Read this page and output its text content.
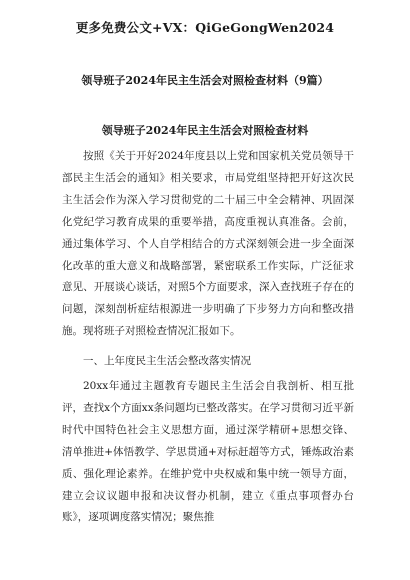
更多免费公文+VX：QiGeGongWen2024
领导班子2024年民主生活会对照检查材料（9篇）
领导班子2024年民主生活会对照检查材料

按照《关于开好2024年度县以上党和国家机关党员领导干部民主生活会的通知》相关要求，市局党组坚持把开好这次民主生活会作为深入学习贯彻党的二十届三中全会精神、巩固深化党纪学习教育成果的重要举措，高度重视认真准备。会前，通过集体学习、个人自学相结合的方式深刻领会进一步全面深化改革的重大意义和战略部署，紧密联系工作实际，广泛征求意见、开展谈心谈话，对照5个方面要求，深入查找班子存在的问题，深刻剖析症结根源进一步明确了下步努力方向和整改措施。现将班子对照检查情况汇报如下。

一、上年度民主生活会整改落实情况

20xx年通过主题教育专题民主生活会自我剖析、相互批评，查找x个方面xx条问题均已整改落实。在学习贯彻习近平新时代中国特色社会主义思想方面，通过深学精研+思想交锋、清单推进+体悟教学、学思贯通+对标赶超等方式，锤炼政治素质、强化理论素养。在维护党中央权威和集中统一领导方面，建立会议议题申报和决议督办机制，建立《重点事项督办台账》，逐项调度落实情况；聚焦推
